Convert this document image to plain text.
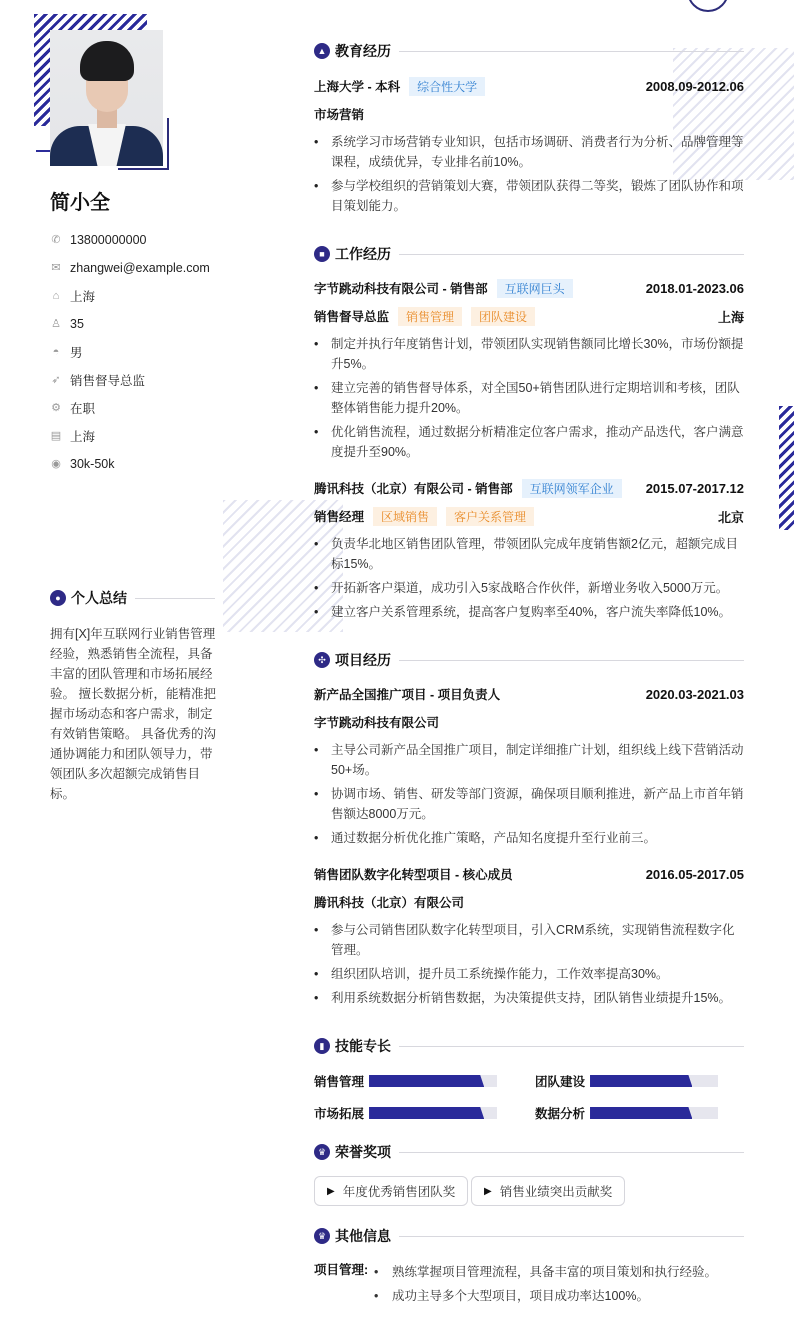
简小全
✆ 13800000000
✉ zhangwei@example.com
⌂ 上海
♙ 35
◓ 男
➶ 销售督导总监
⚙ 在职
▤ 上海
◉ 30k-50k
● 个人总结

拥有[X]年互联网行业销售管理经验，熟悉销售全流程，具备丰富的团队管理和市场拓展经验。 擅长数据分析，能精准把握市场动态和客户需求，制定有效销售策略。 具备优秀的沟通协调能力和团队领导力，带领团队多次超额完成销售目标。

▲ 教育经历
上海大学 - 本科	综合性大学	2008.09-2012.06
市场营销
• 系统学习市场营销专业知识，包括市场调研、消费者行为分析、品牌管理等课程，成绩优异，专业排名前10%。
• 参与学校组织的营销策划大赛，带领团队获得二等奖，锻炼了团队协作和项目策划能力。
■ 工作经历
字节跳动科技有限公司 - 销售部	互联网巨头	2018.01-2023.06
销售督导总监	销售管理	团队建设	上海
• 制定并执行年度销售计划，带领团队实现销售额同比增长30%，市场份额提升5%。
• 建立完善的销售督导体系，对全国50+销售团队进行定期培训和考核，团队整体销售能力提升20%。
• 优化销售流程，通过数据分析精准定位客户需求，推动产品迭代，客户满意度提升至90%。
腾讯科技（北京）有限公司 - 销售部	互联网领军企业	2015.07-2017.12
销售经理	区域销售	客户关系管理	北京
• 负责华北地区销售团队管理，带领团队完成年度销售额2亿元，超额完成目标15%。
• 开拓新客户渠道，成功引入5家战略合作伙伴，新增业务收入5000万元。
• 建立客户关系管理系统，提高客户复购率至40%，客户流失率降低10%。
✣ 项目经历
新产品全国推广项目 - 项目负责人	2020.03-2021.03
字节跳动科技有限公司
• 主导公司新产品全国推广项目，制定详细推广计划，组织线上线下营销活动50+场。
• 协调市场、销售、研发等部门资源，确保项目顺利推进，新产品上市首年销售额达8000万元。
• 通过数据分析优化推广策略，产品知名度提升至行业前三。
销售团队数字化转型项目 - 核心成员	2016.05-2017.05
腾讯科技（北京）有限公司
• 参与公司销售团队数字化转型项目，引入CRM系统，实现销售流程数字化管理。
• 组织团队培训，提升员工系统操作能力，工作效率提高30%。
• 利用系统数据分析销售数据，为决策提供支持，团队销售业绩提升15%。
▮ 技能专长
销售管理	团队建设
市场拓展	数据分析
♛ 荣誉奖项
▶ 年度优秀销售团队奖	▶ 销售业绩突出贡献奖
♛ 其他信息
项目管理:	• 熟练掌握项目管理流程，具备丰富的项目策划和执行经验。
• 成功主导多个大型项目，项目成功率达100%。
